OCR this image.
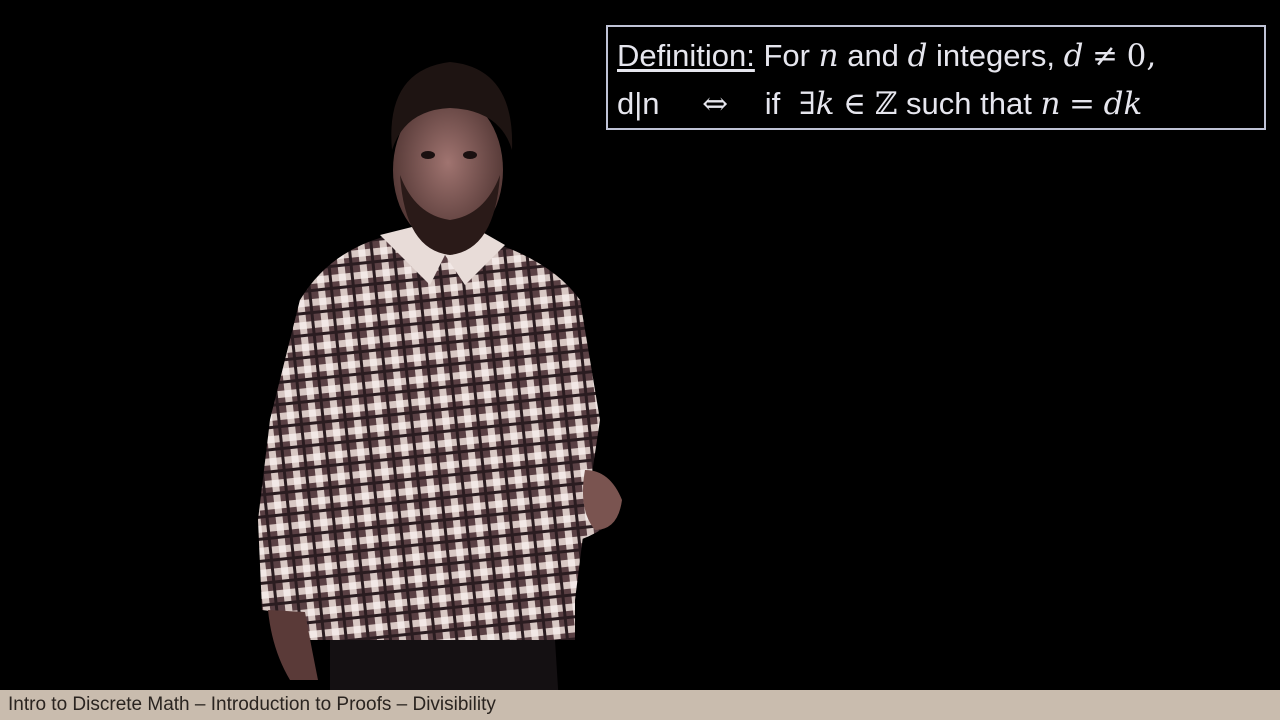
Definition: For n and d integers, d ≠ 0,
d|n ⇔ if ∃k ∈ ℤ such that n = dk
Intro to Discrete Math – Introduction to Proofs – Divisibility
